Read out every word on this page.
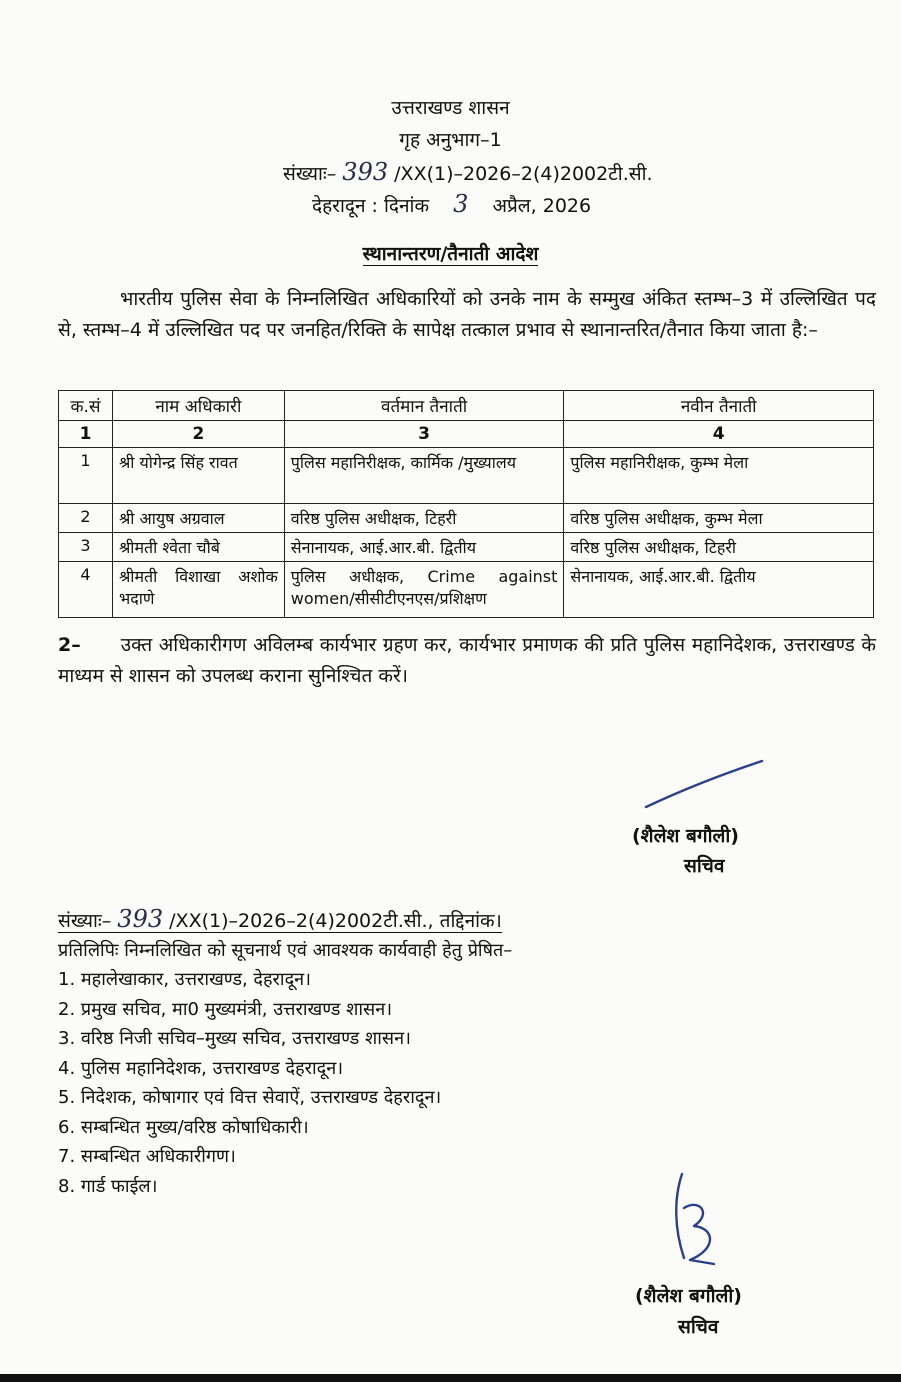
उत्तराखण्ड शासन
गृह अनुभाग–1
संख्याः– 393 /XX(1)–2026–2(4)2002टी.सी.
देहरादून : दिनांक 3 अप्रैल, 2026
स्थानान्तरण/तैनाती आदेश
भारतीय पुलिस सेवा के निम्नलिखित अधिकारियों को उनके नाम के सम्मुख अंकित स्तम्भ–3 में उल्लिखित पद से, स्तम्भ–4 में उल्लिखित पद पर जनहित/रिक्ति के सापेक्ष तत्काल प्रभाव से स्थानान्तरित/तैनात किया जाता है:–
क.सं	नाम अधिकारी	वर्तमान तैनाती	नवीन तैनाती
1	2	3	4
1	श्री योगेन्द्र सिंह रावत	पुलिस महानिरीक्षक, कार्मिक /मुख्यालय	पुलिस महानिरीक्षक, कुम्भ मेला
2	श्री आयुष अग्रवाल	वरिष्ठ पुलिस अधीक्षक, टिहरी	वरिष्ठ पुलिस अधीक्षक, कुम्भ मेला
3	श्रीमती श्वेता चौबे	सेनानायक, आई.आर.बी. द्वितीय	वरिष्ठ पुलिस अधीक्षक, टिहरी
4	श्रीमती विशाखा अशोक भदाणे	पुलिस अधीक्षक, Crime against women/सीसीटीएनएस/प्रशिक्षण	सेनानायक, आई.आर.बी. द्वितीय
2– उक्त अधिकारीगण अविलम्ब कार्यभार ग्रहण कर, कार्यभार प्रमाणक की प्रति पुलिस महानिदेशक, उत्तराखण्ड के माध्यम से शासन को उपलब्ध कराना सुनिश्चित करें।
(शैलेश बगौली)
सचिव
संख्याः– 393 /XX(1)–2026–2(4)2002टी.सी., तद्दिनांक।
प्रतिलिपिः निम्नलिखित को सूचनार्थ एवं आवश्यक कार्यवाही हेतु प्रेषित–
1. महालेखाकार, उत्तराखण्ड, देहरादून।
2. प्रमुख सचिव, मा0 मुख्यमंत्री, उत्तराखण्ड शासन।
3. वरिष्ठ निजी सचिव–मुख्य सचिव, उत्तराखण्ड शासन।
4. पुलिस महानिदेशक, उत्तराखण्ड देहरादून।
5. निदेशक, कोषागार एवं वित्त सेवाऐं, उत्तराखण्ड देहरादून।
6. सम्बन्धित मुख्य/वरिष्ठ कोषाधिकारी।
7. सम्बन्धित अधिकारीगण।
8. गार्ड फाईल।
(शैलेश बगौली)
सचिव
